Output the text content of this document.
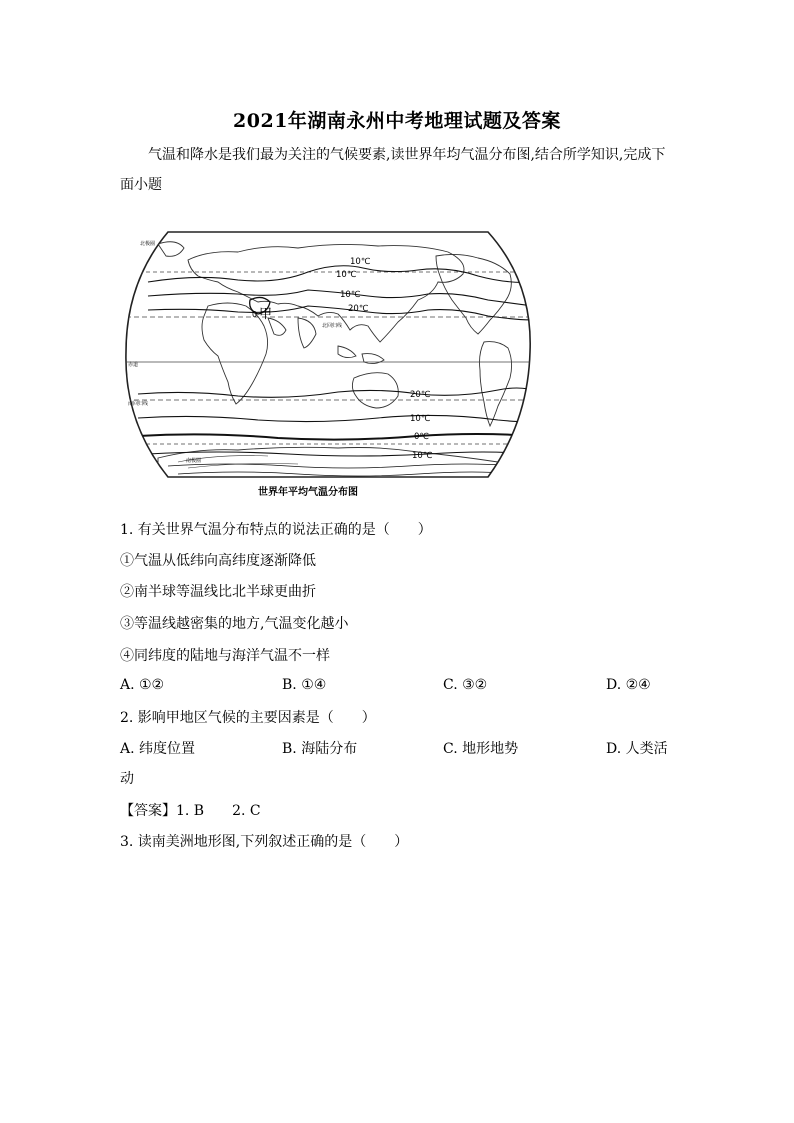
2021年湖南永州中考地理试题及答案
气温和降水是我们最为关注的气候要素,读世界年均气温分布图,结合所学知识,完成下
面小题
10℃
10℃
10℃
20℃
20℃
10℃
0℃
10℃
0 甲
北极圈
北回归线
赤道
南回归线
南极圈
世界年平均气温分布图
1. 有关世界气温分布特点的说法正确的是（　　）
①气温从低纬向高纬度逐渐降低
②南半球等温线比北半球更曲折
③等温线越密集的地方,气温变化越小
④同纬度的陆地与海洋气温不一样
A. ①②	B. ①④	C. ③②	D. ②④
2. 影响甲地区气候的主要因素是（　　）
A. 纬度位置	B. 海陆分布	C. 地形地势	D. 人类活
动
【答案】1. B　　2. C
3. 读南美洲地形图,下列叙述正确的是（　　）
